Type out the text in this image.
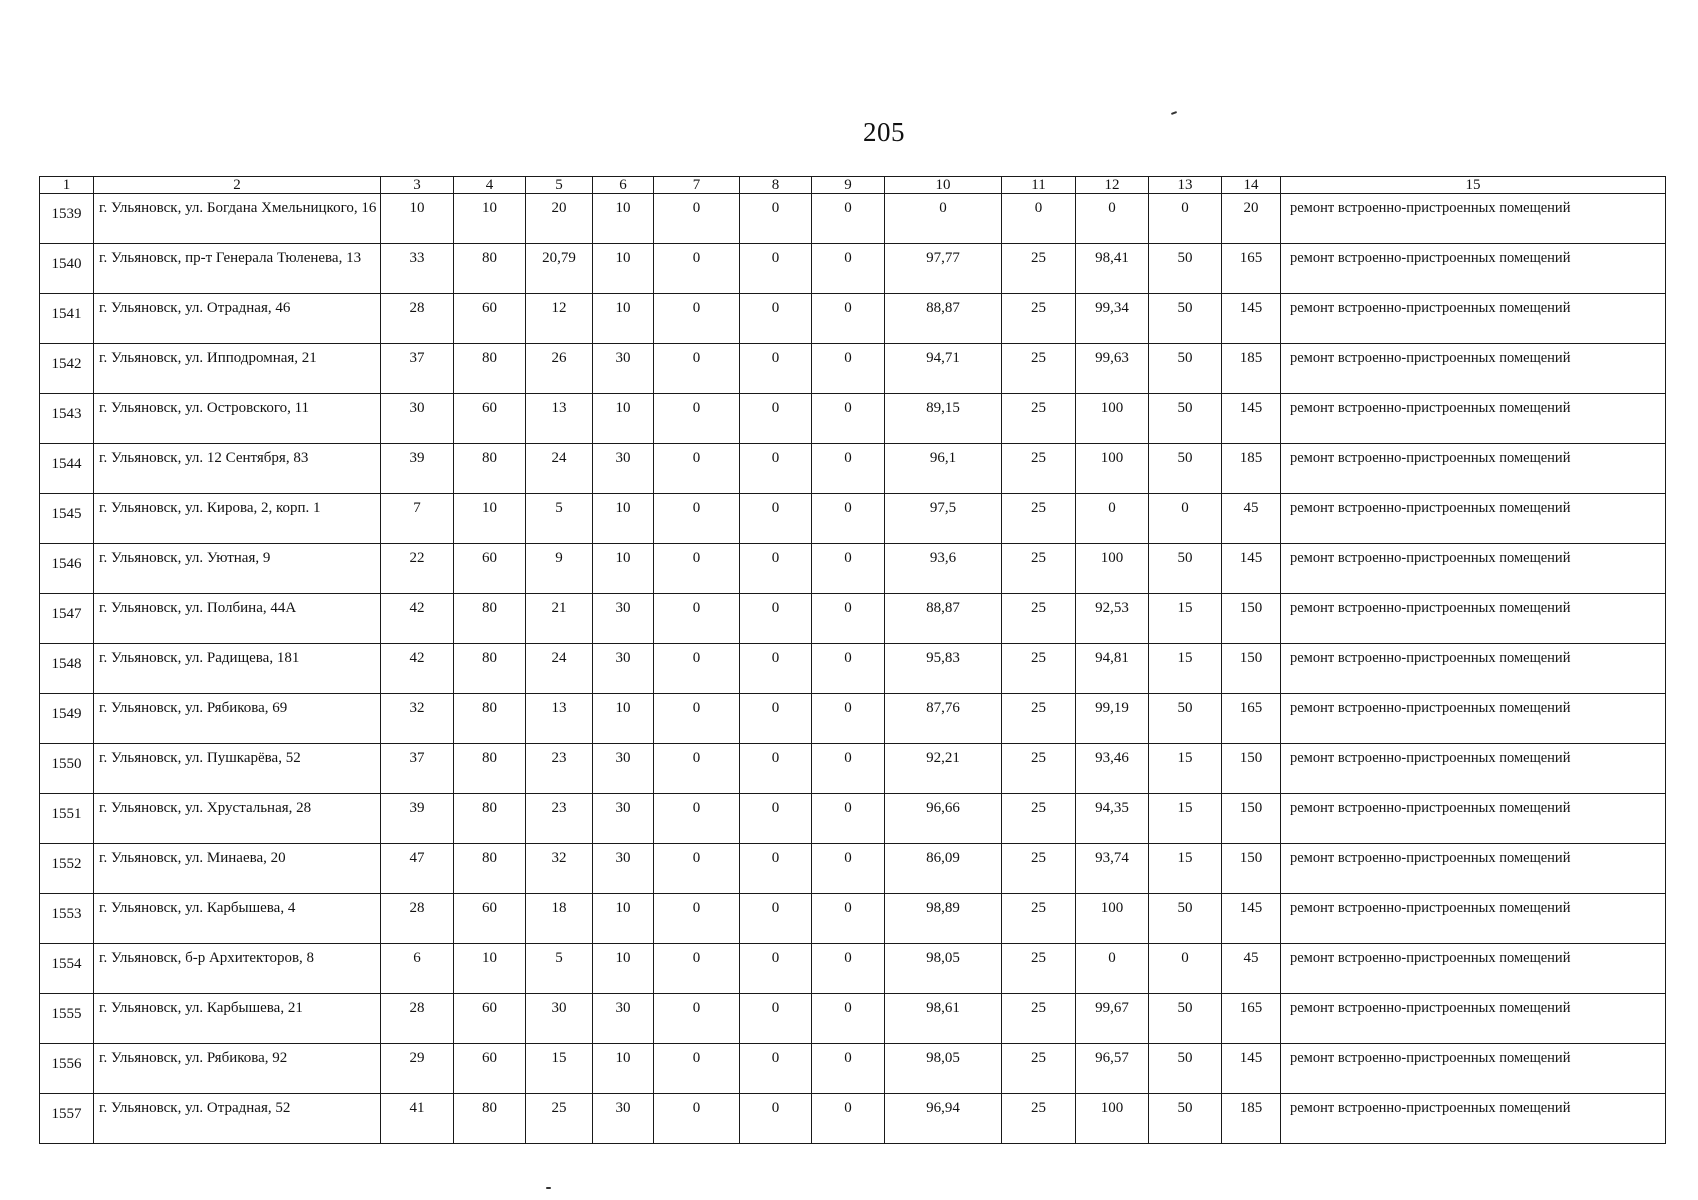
205
1	2	3	4	5	6	7	8	9	10	11	12	13	14	15
1539	г. Ульяновск, ул. Богдана Хмельницкого, 16	10	10	20	10	0	0	0	0	0	0	0	20	ремонт встроенно-пристроенных помещений
1540	г. Ульяновск, пр-т Генерала Тюленева, 13	33	80	20,79	10	0	0	0	97,77	25	98,41	50	165	ремонт встроенно-пристроенных помещений
1541	г. Ульяновск, ул. Отрадная, 46	28	60	12	10	0	0	0	88,87	25	99,34	50	145	ремонт встроенно-пристроенных помещений
1542	г. Ульяновск, ул. Ипподромная, 21	37	80	26	30	0	0	0	94,71	25	99,63	50	185	ремонт встроенно-пристроенных помещений
1543	г. Ульяновск, ул. Островского, 11	30	60	13	10	0	0	0	89,15	25	100	50	145	ремонт встроенно-пристроенных помещений
1544	г. Ульяновск, ул. 12 Сентября, 83	39	80	24	30	0	0	0	96,1	25	100	50	185	ремонт встроенно-пристроенных помещений
1545	г. Ульяновск, ул. Кирова, 2, корп. 1	7	10	5	10	0	0	0	97,5	25	0	0	45	ремонт встроенно-пристроенных помещений
1546	г. Ульяновск, ул. Уютная, 9	22	60	9	10	0	0	0	93,6	25	100	50	145	ремонт встроенно-пристроенных помещений
1547	г. Ульяновск, ул. Полбина, 44А	42	80	21	30	0	0	0	88,87	25	92,53	15	150	ремонт встроенно-пристроенных помещений
1548	г. Ульяновск, ул. Радищева, 181	42	80	24	30	0	0	0	95,83	25	94,81	15	150	ремонт встроенно-пристроенных помещений
1549	г. Ульяновск, ул. Рябикова, 69	32	80	13	10	0	0	0	87,76	25	99,19	50	165	ремонт встроенно-пристроенных помещений
1550	г. Ульяновск, ул. Пушкарёва, 52	37	80	23	30	0	0	0	92,21	25	93,46	15	150	ремонт встроенно-пристроенных помещений
1551	г. Ульяновск, ул. Хрустальная, 28	39	80	23	30	0	0	0	96,66	25	94,35	15	150	ремонт встроенно-пристроенных помещений
1552	г. Ульяновск, ул. Минаева, 20	47	80	32	30	0	0	0	86,09	25	93,74	15	150	ремонт встроенно-пристроенных помещений
1553	г. Ульяновск, ул. Карбышева, 4	28	60	18	10	0	0	0	98,89	25	100	50	145	ремонт встроенно-пристроенных помещений
1554	г. Ульяновск, б-р Архитекторов, 8	6	10	5	10	0	0	0	98,05	25	0	0	45	ремонт встроенно-пристроенных помещений
1555	г. Ульяновск, ул. Карбышева, 21	28	60	30	30	0	0	0	98,61	25	99,67	50	165	ремонт встроенно-пристроенных помещений
1556	г. Ульяновск, ул. Рябикова, 92	29	60	15	10	0	0	0	98,05	25	96,57	50	145	ремонт встроенно-пристроенных помещений
1557	г. Ульяновск, ул. Отрадная, 52	41	80	25	30	0	0	0	96,94	25	100	50	185	ремонт встроенно-пристроенных помещений
